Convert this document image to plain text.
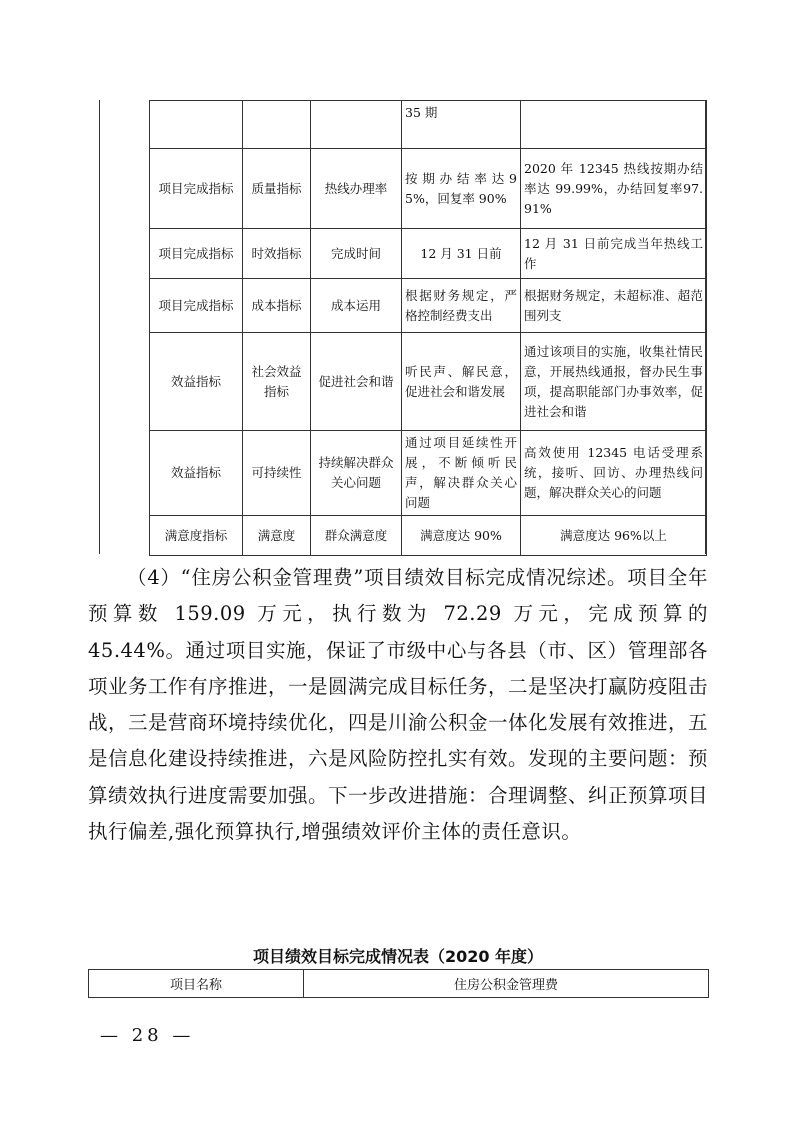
			35 期	
项目完成指标	质量指标	热线办理率	按期办结率达95%，回复率 90%	2020 年 12345 热线按期办结率达 99.99%，办结回复率97.91%
项目完成指标	时效指标	完成时间	12 月 31 日前	12 月 31 日前完成当年热线工作
项目完成指标	成本指标	成本运用	根据财务规定，严格控制经费支出	根据财务规定，未超标准、超范围列支
效益指标	社会效益指标	促进社会和谐	听民声、解民意，促进社会和谐发展	通过该项目的实施，收集社情民意，开展热线通报，督办民生事项，提高职能部门办事效率，促进社会和谐
效益指标	可持续性	持续解决群众关心问题	通过项目延续性开展，不断倾听民声，解决群众关心问题	高效使用 12345 电话受理系统，接听、回访、办理热线问题，解决群众关心的问题
满意度指标	满意度	群众满意度	满意度达 90%	满意度达 96%以上

（4）“住房公积金管理费”项目绩效目标完成情况综述。项目全年预算数 159.09 万元，执行数为 72.29 万元，完成预算的 45.44%。通过项目实施，保证了市级中心与各县（市、区）管理部各项业务工作有序推进，一是圆满完成目标任务，二是坚决打赢防疫阻击战，三是营商环境持续优化，四是川渝公积金一体化发展有效推进，五是信息化建设持续推进，六是风险防控扎实有效。发现的主要问题：预算绩效执行进度需要加强。下一步改进措施：合理调整、纠正预算项目执行偏差,强化预算执行,增强绩效评价主体的责任意识。

项目绩效目标完成情况表（2020 年度）
项目名称	住房公积金管理费
— 28 —
